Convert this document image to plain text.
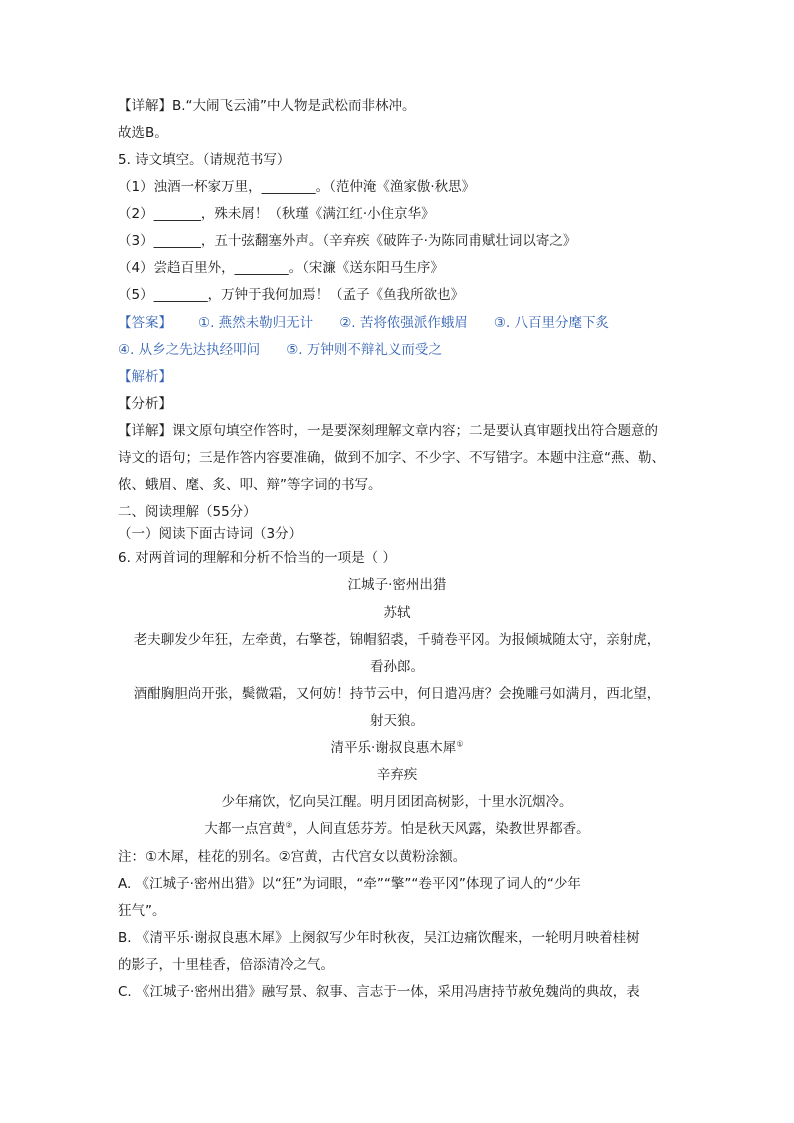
【详解】B.“大闹飞云浦”中人物是武松而非林冲。
故选B。
5. 诗文填空。（请规范书写）
（1）浊酒一杯家万里，________。（范仲淹《渔家傲·秋思》
（2）_______，殊未屑！（秋瑾《满江红·小住京华》
（3）_______，五十弦翻塞外声。（辛弃疾《破阵子·为陈同甫赋壮词以寄之》
（4）尝趋百里外，________。（宋濂《送东阳马生序》
（5）________，万钟于我何加焉！（孟子《鱼我所欲也》
【答案】 ①. 燕然未勒归无计 ②. 苦将侬强派作蛾眉 ③. 八百里分麾下炙
④. 从乡之先达执经叩问 ⑤. 万钟则不辩礼义而受之
【解析】
【分析】
【详解】课文原句填空作答时，一是要深刻理解文章内容；二是要认真审题找出符合题意的
诗文的语句；三是作答内容要准确，做到不加字、不少字、不写错字。本题中注意“燕、勒、
侬、蛾眉、麾、炙、叩、辩”等字词的书写。
二、阅读理解（55分）
（一）阅读下面古诗词（3分）
6. 对两首词的理解和分析不恰当的一项是（ ）
江城子·密州出猎
苏轼
老夫聊发少年狂，左牵黄，右擎苍，锦帽貂裘，千骑卷平冈。为报倾城随太守，亲射虎，
看孙郎。
酒酣胸胆尚开张，鬓微霜，又何妨！持节云中，何日遣冯唐？会挽雕弓如满月，西北望，
射天狼。
清平乐·谢叔良惠木犀①
辛弃疾
少年痛饮，忆向吴江醒。明月团团高树影，十里水沉烟冷。
大都一点宫黄②，人间直恁芬芳。怕是秋天风露，染教世界都香。
注：①木犀，桂花的别名。②宫黄，古代宫女以黄粉涂额。
A. 《江城子·密州出猎》以“狂”为词眼，“牵”“擎”“卷平冈”体现了词人的“少年
狂气”。
B. 《清平乐·谢叔良惠木犀》上阕叙写少年时秋夜，吴江边痛饮醒来，一轮明月映着桂树
的影子，十里桂香，倍添清冷之气。
C. 《江城子·密州出猎》融写景、叙事、言志于一体，采用冯唐持节赦免魏尚的典故，表
